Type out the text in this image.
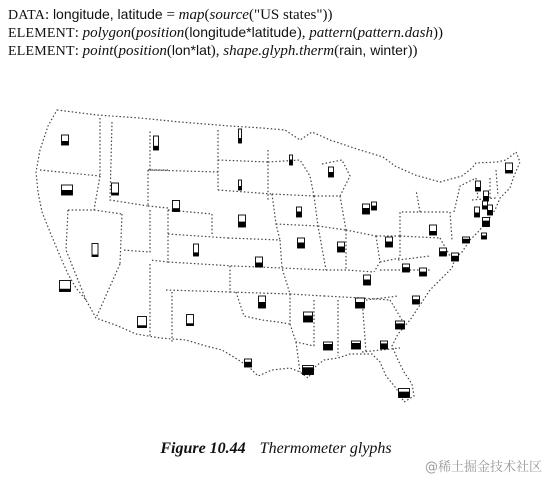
DATA: longitude, latitude = map(source("US states"))
ELEMENT: polygon(position(longitude*latitude), pattern(pattern.dash))
ELEMENT: point(position(lon*lat), shape.glyph.therm(rain, winter))
Figure 10.44 Thermometer glyphs
@稀土掘金技术社区
